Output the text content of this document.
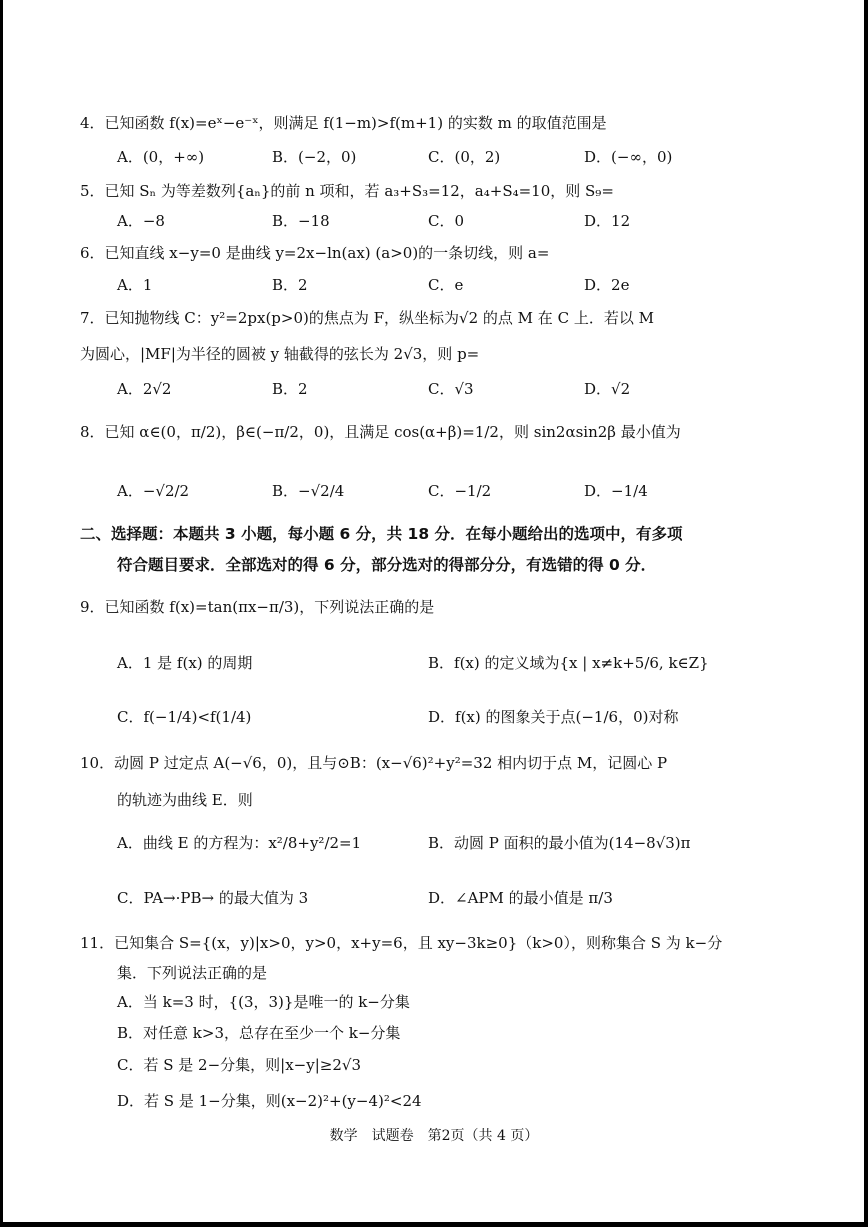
4．已知函数 f(x)=eˣ−e⁻ˣ，则满足 f(1−m)>f(m+1) 的实数 m 的取值范围是
A．(0，+∞)	B．(−2，0)	C．(0，2)	D．(−∞，0)
5．已知 Sₙ 为等差数列{aₙ}的前 n 项和，若 a₃+S₃=12，a₄+S₄=10，则 S₉=
A．−8	B．−18	C．0	D．12
6．已知直线 x−y=0 是曲线 y=2x−ln(ax) (a>0)的一条切线，则 a=
A．1	B．2	C．e	D．2e
7．已知抛物线 C：y²=2px(p>0)的焦点为 F，纵坐标为√2 的点 M 在 C 上．若以 M
为圆心，|MF|为半径的圆被 y 轴截得的弦长为 2√3，则 p=
A．2√2	B．2	C．√3	D．√2
8．已知 α∈(0，π/2)，β∈(−π/2，0)，且满足 cos(α+β)=1/2，则 sin2αsin2β 最小值为
A．−√2/2	B．−√2/4	C．−1/2	D．−1/4
二、选择题：本题共 3 小题，每小题 6 分，共 18 分．在每小题给出的选项中，有多项
符合题目要求．全部选对的得 6 分，部分选对的得部分分，有选错的得 0 分．
9．已知函数 f(x)=tan(πx−π/3)，下列说法正确的是
A．1 是 f(x) 的周期	B．f(x) 的定义域为{x | x≠k+5/6, k∈Z}
C．f(−1/4)<f(1/4)	D．f(x) 的图象关于点(−1/6，0)对称
10．动圆 P 过定点 A(−√6，0)，且与⊙B：(x−√6)²+y²=32 相内切于点 M，记圆心 P
的轨迹为曲线 E．则
A．曲线 E 的方程为：x²/8+y²/2=1	B．动圆 P 面积的最小值为(14−8√3)π
C．PA→·PB→ 的最大值为 3	D．∠APM 的最小值是 π/3
11．已知集合 S={(x，y)|x>0，y>0，x+y=6，且 xy−3k≥0}（k>0），则称集合 S 为 k−分
集．下列说法正确的是
A．当 k=3 时，{(3，3)}是唯一的 k−分集
B．对任意 k>3，总存在至少一个 k−分集
C．若 S 是 2−分集，则|x−y|≥2√3
D．若 S 是 1−分集，则(x−2)²+(y−4)²<24
数学　试题卷　第2页（共 4 页）
